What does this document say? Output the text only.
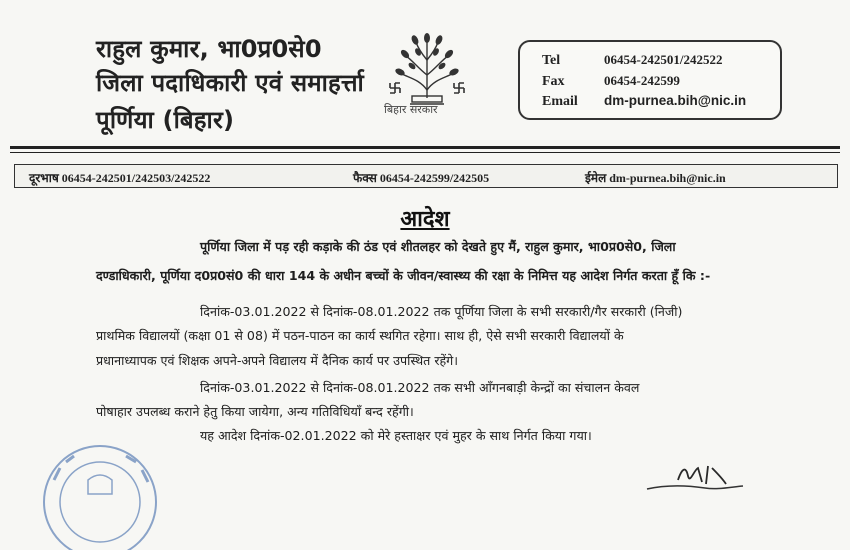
राहुल कुमार, भा0प्र0से0
जिला पदाधिकारी एवं समाहर्त्ता
पूर्णिया (बिहार)	बिहार सरकार
Tel	06454-242501/242522
Fax	06454-242599
Email dm-purnea.bih@nic.in
दूरभाष 06454-242501/242503/242522	फैक्स 06454-242599/242505	ईमेल dm-purnea.bih@nic.in
आदेश
पूर्णिया जिला में पड़ रही कड़ाके की ठंड एवं शीतलहर को देखते हुए मैं, राहुल कुमार, भा0प्र0से0, जिला
दण्डाधिकारी, पूर्णिया द0प्र0सं0 की धारा 144 के अधीन बच्चों के जीवन/स्वास्थ्य की रक्षा के निमित्त यह आदेश निर्गत करता हूँ कि :-
दिनांक-03.01.2022 से दिनांक-08.01.2022 तक पूर्णिया जिला के सभी सरकारी/गैर सरकारी (निजी)
प्राथमिक विद्यालयों (कक्षा 01 से 08) में पठन-पाठन का कार्य स्थगित रहेगा। साथ ही, ऐसे सभी सरकारी विद्यालयों के
प्रधानाध्यापक एवं शिक्षक अपने-अपने विद्यालय में दैनिक कार्य पर उपस्थित रहेंगे।
दिनांक-03.01.2022 से दिनांक-08.01.2022 तक सभी आँगनबाड़ी केन्द्रों का संचालन केवल
पोषाहार उपलब्ध कराने हेतु किया जायेगा, अन्य गतिविधियाँ बन्द रहेंगी।
यह आदेश दिनांक-02.01.2022 को मेरे हस्ताक्षर एवं मुहर के साथ निर्गत किया गया।
